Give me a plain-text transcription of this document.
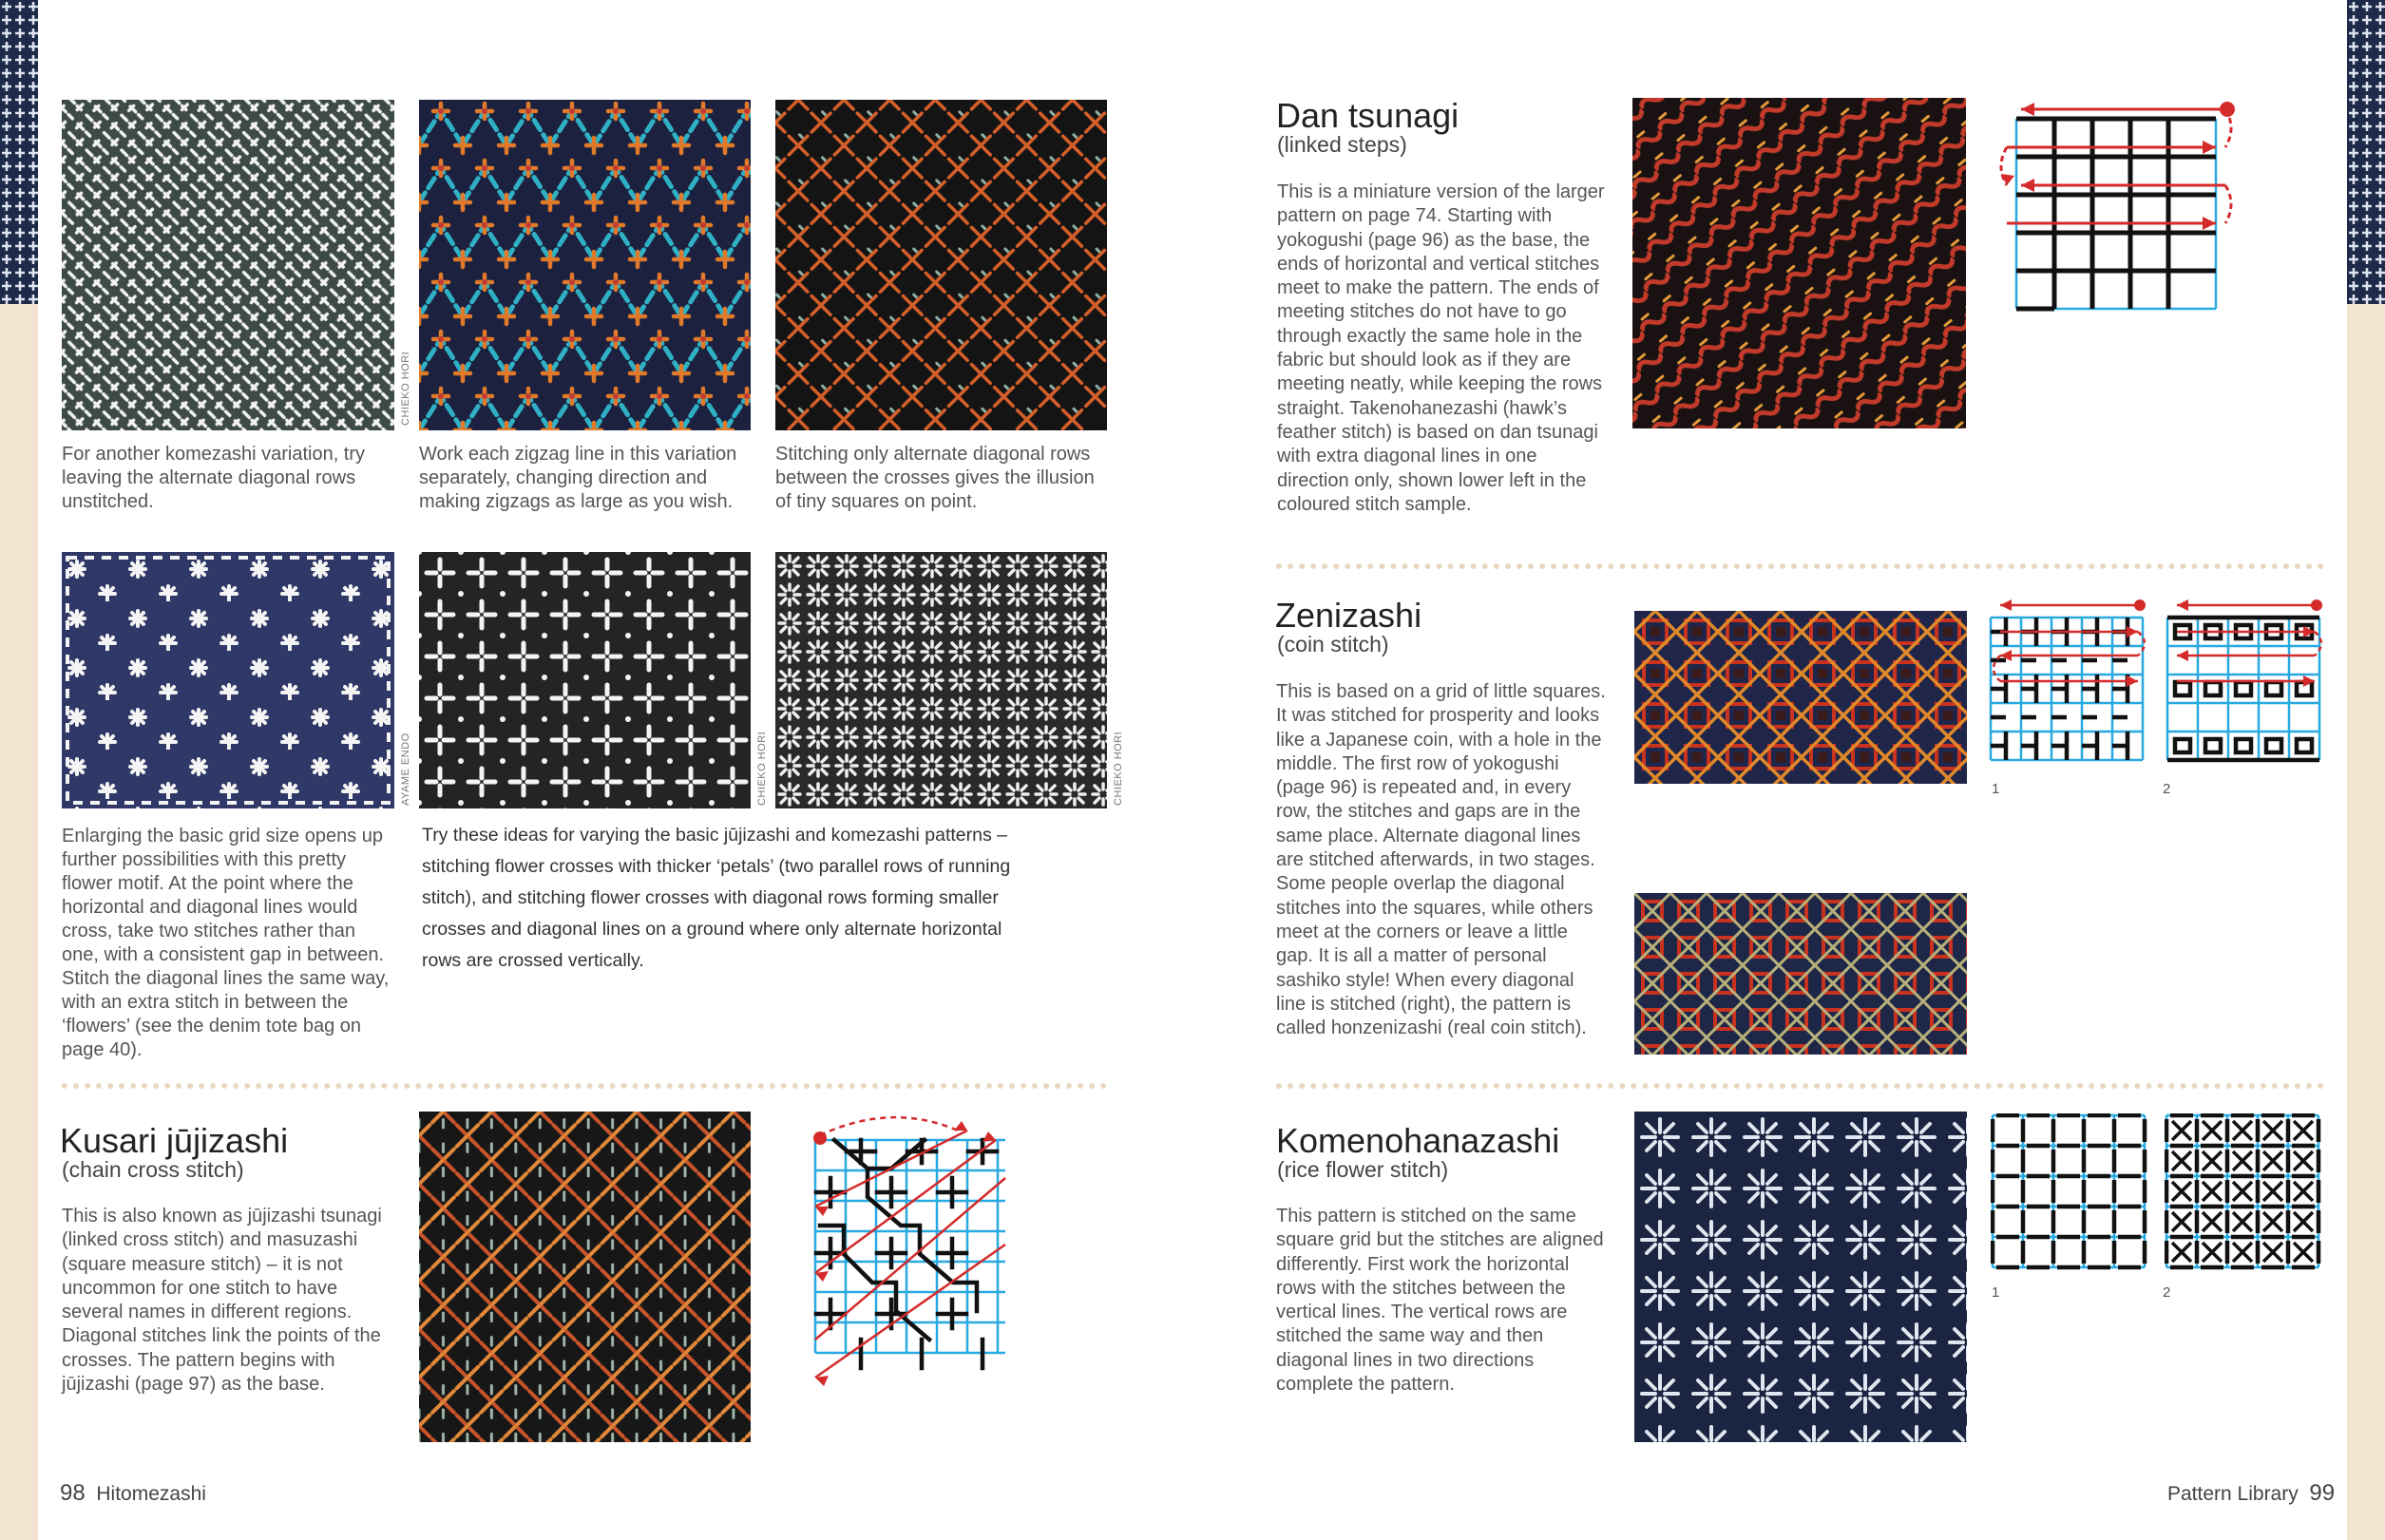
CHIEKO HORI
AYAME ENDO	CHIEKO HORI	CHIEKO HORI

For another komezashi variation, try leaving the alternate diagonal rows unstitched.

Work each zigzag line in this variation separately, changing direction and making zigzags as large as you wish.

Stitching only alternate diagonal rows between the crosses gives the illusion of tiny squares on point.

Enlarging the basic grid size opens up further possibilities with this pretty flower motif. At the point where the horizontal and diagonal lines would cross, take two stitches rather than one, with a consistent gap in between. Stitch the diagonal lines the same way, with an extra stitch in between the ‘flowers’ (see the denim tote bag on page 40).

Try these ideas for varying the basic jūjizashi and komezashi patterns – stitching flower crosses with thicker ‘petals’ (two parallel rows of running stitch), and stitching flower crosses with diagonal rows forming smaller crosses and diagonal lines on a ground where only alternate horizontal rows are crossed vertically.

Kusari jūjizashi

(chain cross stitch)

This is also known as jūjizashi tsunagi (linked cross stitch) and masuzashi (square measure stitch) – it is not uncommon for one stitch to have several names in different regions. Diagonal stitches link the points of the crosses. The pattern begins with jūjizashi (page 97) as the base.

98 Hitomezashi
Dan tsunagi

(linked steps)

This is a miniature version of the larger pattern on page 74. Starting with yokogushi (page 96) as the base, the ends of horizontal and vertical stitches meet to make the pattern. The ends of meeting stitches do not have to go through exactly the same hole in the fabric but should look as if they are meeting neatly, while keeping the rows straight. Takenohanezashi (hawk’s feather stitch) is based on dan tsunagi with extra diagonal lines in one direction only, shown lower left in the coloured stitch sample.

Zenizashi

(coin stitch)

This is based on a grid of little squares. It was stitched for prosperity and looks like a Japanese coin, with a hole in the middle. The first row of yokogushi (page 96) is repeated and, in every row, the stitches and gaps are in the same place. Alternate diagonal lines are stitched afterwards, in two stages. Some people overlap the diagonal stitches into the squares, while others meet at the corners or leave a little gap. It is all a matter of personal sashiko style! When every diagonal line is stitched (right), the pattern is called honzenizashi (real coin stitch).

1	2
Komenohanazashi

(rice flower stitch)

This pattern is stitched on the same square grid but the stitches are aligned differently. First work the horizontal rows with the stitches between the vertical lines. The vertical rows are stitched the same way and then diagonal lines in two directions complete the pattern.

1	2
Pattern Library 99
